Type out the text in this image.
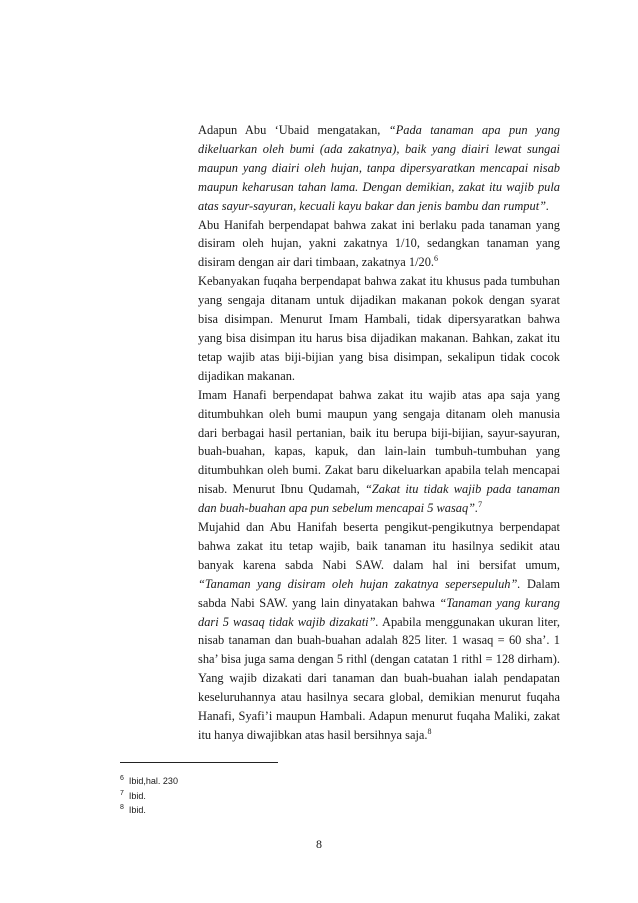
Adapun Abu ‘Ubaid mengatakan, “Pada tanaman apa pun yang dikeluarkan oleh bumi (ada zakatnya), baik yang diairi lewat sungai maupun yang diairi oleh hujan, tanpa dipersyaratkan mencapai nisab maupun keharusan tahan lama. Dengan demikian, zakat itu wajib pula atas sayur-sayuran, kecuali kayu bakar dan jenis bambu dan rumput”.

Abu Hanifah berpendapat bahwa zakat ini berlaku pada tanaman yang disiram oleh hujan, yakni zakatnya 1/10, sedangkan tanaman yang disiram dengan air dari timbaan, zakatnya 1/20.$^6$

Kebanyakan fuqaha berpendapat bahwa zakat itu khusus pada tumbuhan yang sengaja ditanam untuk dijadikan makanan pokok dengan syarat bisa disimpan. Menurut Imam Hambali, tidak dipersyaratkan bahwa yang bisa disimpan itu harus bisa dijadikan makanan. Bahkan, zakat itu tetap wajib atas biji-bijian yang bisa disimpan, sekalipun tidak cocok dijadikan makanan.

Imam Hanafi berpendapat bahwa zakat itu wajib atas apa saja yang ditumbuhkan oleh bumi maupun yang sengaja ditanam oleh manusia dari berbagai hasil pertanian, baik itu berupa biji-bijian, sayur-sayuran, buah-buahan, kapas, kapuk, dan lain-lain tumbuh-tumbuhan yang ditumbuhkan oleh bumi. Zakat baru dikeluarkan apabila telah mencapai nisab. Menurut Ibnu Qudamah, “Zakat itu tidak wajib pada tanaman dan buah-buahan apa pun sebelum mencapai 5 wasaq”.$^7$

Mujahid dan Abu Hanifah beserta pengikut-pengikutnya berpendapat bahwa zakat itu tetap wajib, baik tanaman itu hasilnya sedikit atau banyak karena sabda Nabi SAW. dalam hal ini bersifat umum, “Tanaman yang disiram oleh hujan zakatnya sepersepuluh”. Dalam sabda Nabi SAW. yang lain dinyatakan bahwa “Tanaman yang kurang dari 5 wasaq tidak wajib dizakati”. Apabila menggunakan ukuran liter, nisab tanaman dan buah-buahan adalah 825 liter. 1 wasaq = 60 sha’. 1 sha’ bisa juga sama dengan 5 rithl (dengan catatan 1 rithl = 128 dirham). Yang wajib dizakati dari tanaman dan buah-buahan ialah pendapatan keseluruhannya atau hasilnya secara global, demikian menurut fuqaha Hanafi, Syafi’i maupun Hambali. Adapun menurut fuqaha Maliki, zakat itu hanya diwajibkan atas hasil bersihnya saja.$^8$

6 Ibid,hal. 230
7 Ibid.
8 Ibid.
8
